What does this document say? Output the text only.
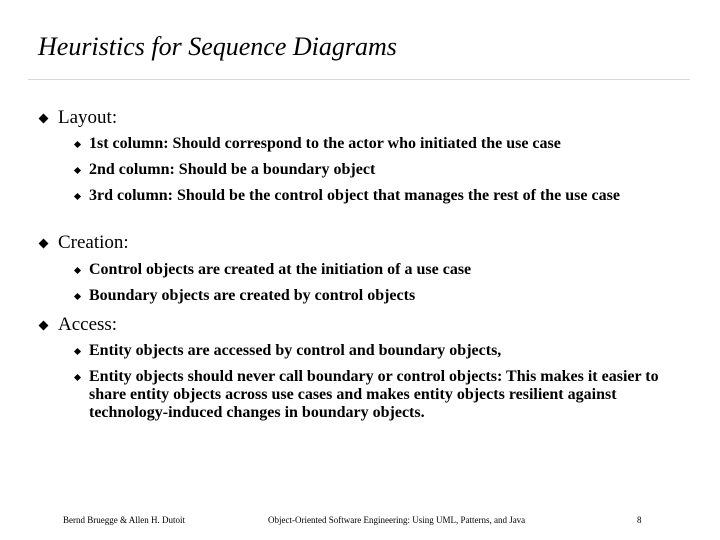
Heuristics for Sequence Diagrams
Layout:
1st column: Should correspond to the actor who initiated the use case
2nd column: Should be a boundary object
3rd column: Should be the control object that manages the rest of the use case
Creation:
Control objects are created at the initiation of a use case
Boundary objects are created by control objects
Access:
Entity objects are accessed by control and boundary objects,
Entity objects should never call boundary or control objects: This makes it easier to share entity objects across use cases and makes entity objects resilient against technology-induced changes in boundary objects.
Bernd Bruegge & Allen H. Dutoit	Object-Oriented Software Engineering: Using UML, Patterns, and Java	8
